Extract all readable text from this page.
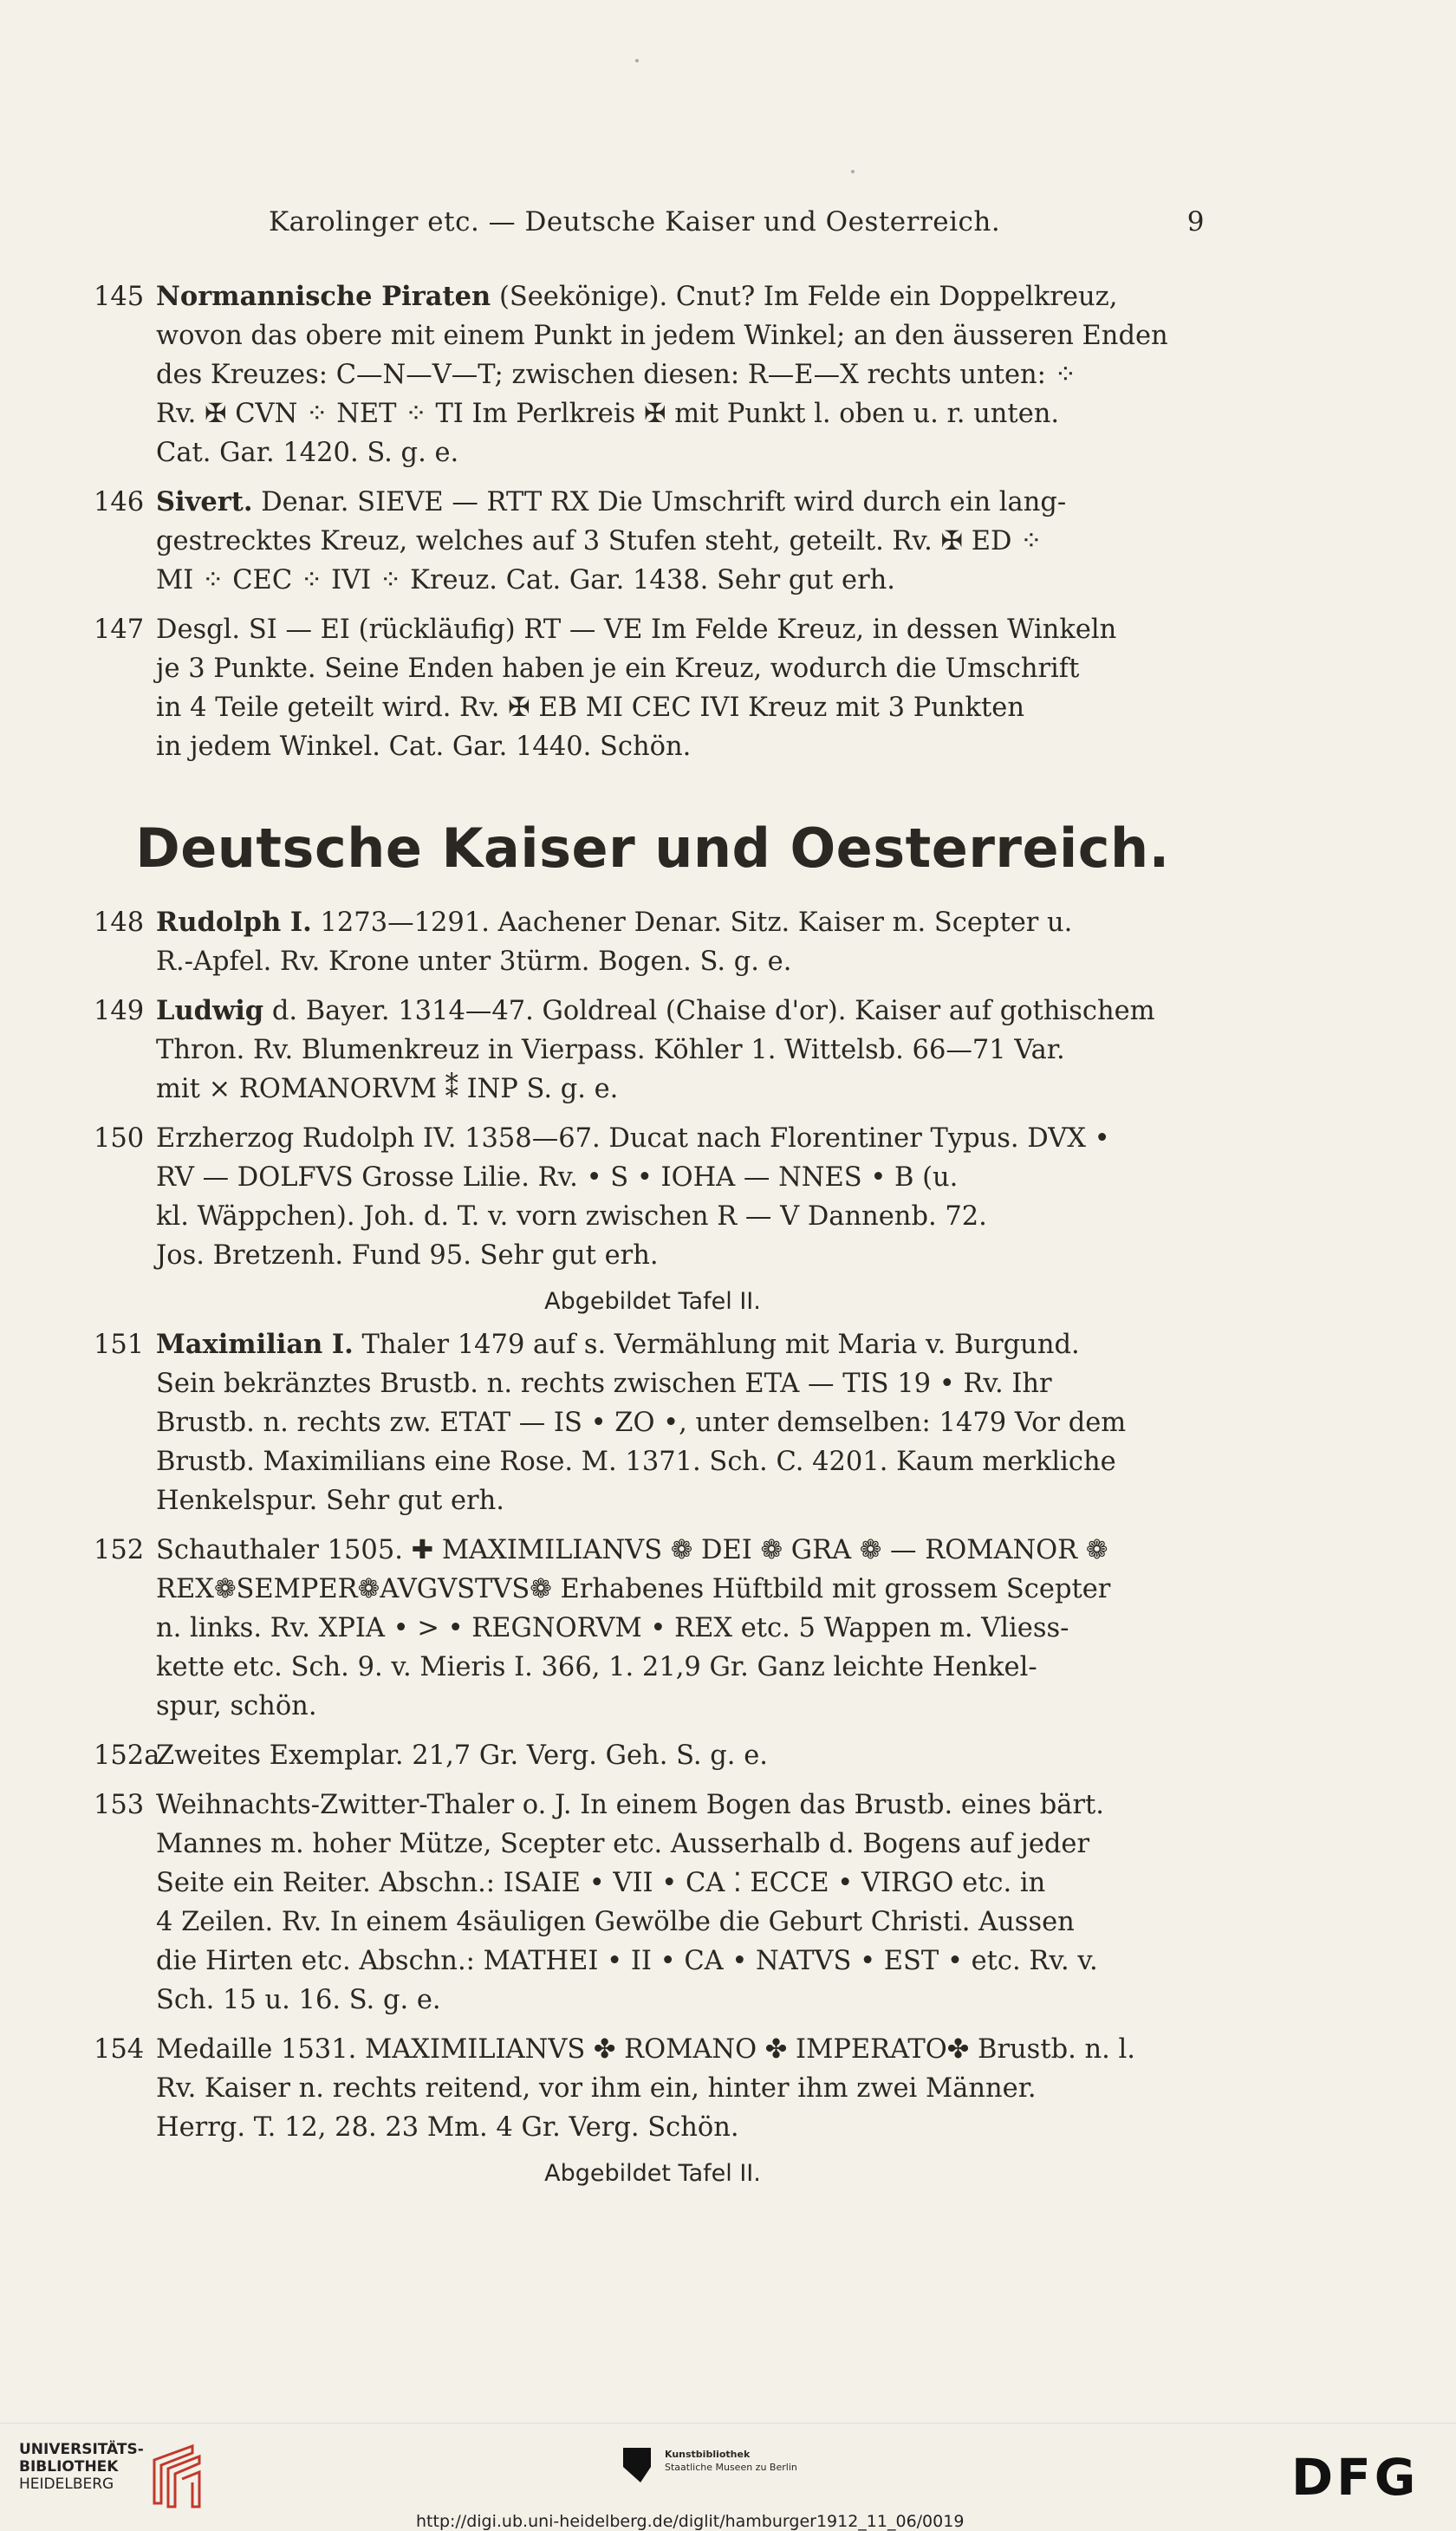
Karolinger etc. — Deutsche Kaiser und Oesterreich.	9
145 Normannische Piraten (Seekönige). Cnut? Im Felde ein Doppelkreuz,
wovon das obere mit einem Punkt in jedem Winkel; an den äusseren Enden
des Kreuzes: C—N—V—T; zwischen diesen: R—E—X rechts unten: ⁘
Rv. ✠ CVN ⁘ NET ⁘ TI Im Perlkreis ✠ mit Punkt l. oben u. r. unten.
Cat. Gar. 1420. S. g. e.
146 Sivert. Denar. SIEVE — RTT RX Die Umschrift wird durch ein lang-
gestrecktes Kreuz, welches auf 3 Stufen steht, geteilt. Rv. ✠ ED ⁘
MI ⁘ CEC ⁘ IVI ⁘ Kreuz. Cat. Gar. 1438. Sehr gut erh.
147 Desgl. SI — EI (rückläufig) RT — VE Im Felde Kreuz, in dessen Winkeln
je 3 Punkte. Seine Enden haben je ein Kreuz, wodurch die Umschrift
in 4 Teile geteilt wird. Rv. ✠ EB MI CEC IVI Kreuz mit 3 Punkten
in jedem Winkel. Cat. Gar. 1440. Schön.
Deutsche Kaiser und Oesterreich.
148 Rudolph I. 1273—1291. Aachener Denar. Sitz. Kaiser m. Scepter u.
R.-Apfel. Rv. Krone unter 3türm. Bogen. S. g. e.
149 Ludwig d. Bayer. 1314—47. Goldreal (Chaise d'or). Kaiser auf gothischem
Thron. Rv. Blumenkreuz in Vierpass. Köhler 1. Wittelsb. 66—71 Var.
mit × ROMANORVM ⁑ INP S. g. e.
150 Erzherzog Rudolph IV. 1358—67. Ducat nach Florentiner Typus. DVX •
RV — DOLFVS Grosse Lilie. Rv. • S • IOHA — NNES • B (u.
kl. Wäppchen). Joh. d. T. v. vorn zwischen R — V Dannenb. 72.
Jos. Bretzenh. Fund 95. Sehr gut erh.
Abgebildet Tafel II.
151 Maximilian I. Thaler 1479 auf s. Vermählung mit Maria v. Burgund.
Sein bekränztes Brustb. n. rechts zwischen ETA — TIS 19 • Rv. Ihr
Brustb. n. rechts zw. ETAT — IS • ZO •, unter demselben: 1479 Vor dem
Brustb. Maximilians eine Rose. M. 1371. Sch. C. 4201. Kaum merkliche
Henkelspur. Sehr gut erh.
152 Schauthaler 1505. ✚ MAXIMILIANVS ❁ DEI ❁ GRA ❁ — ROMANOR ❁
REX❁SEMPER❁AVGVSTVS❁ Erhabenes Hüftbild mit grossem Scepter
n. links. Rv. XPIA • > • REGNORVM • REX etc. 5 Wappen m. Vliess-
kette etc. Sch. 9. v. Mieris I. 366, 1. 21,9 Gr. Ganz leichte Henkel-
spur, schön.
152a
Zweites Exemplar. 21,7 Gr. Verg. Geh. S. g. e.
153 Weihnachts-Zwitter-Thaler o. J. In einem Bogen das Brustb. eines bärt.
Mannes m. hoher Mütze, Scepter etc. Ausserhalb d. Bogens auf jeder
Seite ein Reiter. Abschn.: ISAIE • VII • CA ⁚ ECCE • VIRGO etc. in
4 Zeilen. Rv. In einem 4säuligen Gewölbe die Geburt Christi. Aussen
die Hirten etc. Abschn.: MATHEI • II • CA • NATVS • EST • etc. Rv. v.
Sch. 15 u. 16. S. g. e.
154 Medaille 1531. MAXIMILIANVS ✤ ROMANO ✤ IMPERATO✤ Brustb. n. l.
Rv. Kaiser n. rechts reitend, vor ihm ein, hinter ihm zwei Männer.
Herrg. T. 12, 28. 23 Mm. 4 Gr. Verg. Schön.
Abgebildet Tafel II.
UNIVERSITÄTS-
BIBLIOTHEK
HEIDELBERG
Kunstbibliothek
Staatliche Museen zu Berlin	DFG
http://digi.ub.uni-heidelberg.de/diglit/hamburger1912_11_06/0019
